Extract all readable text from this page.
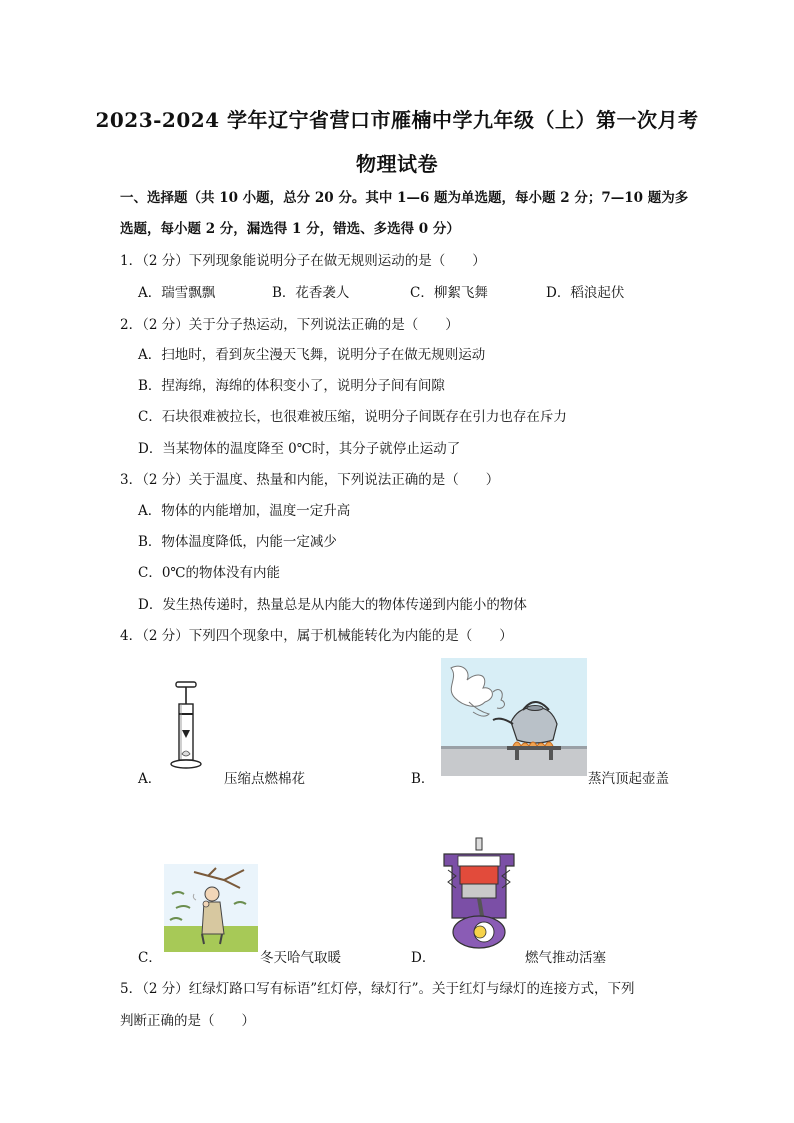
2023-2024 学年辽宁省营口市雁楠中学九年级（上）第一次月考
物理试卷
一、选择题（共 10 小题，总分 20 分。其中 1—6 题为单选题，每小题 2 分；7—10 题为多
选题，每小题 2 分，漏选得 1 分，错选、多选得 0 分）
1．（2 分）下列现象能说明分子在做无规则运动的是（　　）
A．瑞雪飘飘	B．花香袭人	C．柳絮飞舞	D．稻浪起伏
2．（2 分）关于分子热运动，下列说法正确的是（　　）
A．扫地时，看到灰尘漫天飞舞，说明分子在做无规则运动
B．捏海绵，海绵的体积变小了，说明分子间有间隙
C．石块很难被拉长，也很难被压缩，说明分子间既存在引力也存在斥力
D．当某物体的温度降至 0℃时，其分子就停止运动了
3．（2 分）关于温度、热量和内能，下列说法正确的是（　　）
A．物体的内能增加，温度一定升高
B．物体温度降低，内能一定减少
C．0℃的物体没有内能
D．发生热传递时，热量总是从内能大的物体传递到内能小的物体
4．（2 分）下列四个现象中，属于机械能转化为内能的是（　　）
A．	压缩点燃棉花	B．	蒸汽顶起壶盖
C．	冬天哈气取暖	D．	燃气推动活塞
5．（2 分）红绿灯路口写有标语”红灯停，绿灯行”。关于红灯与绿灯的连接方式，下列
判断正确的是（　　）
